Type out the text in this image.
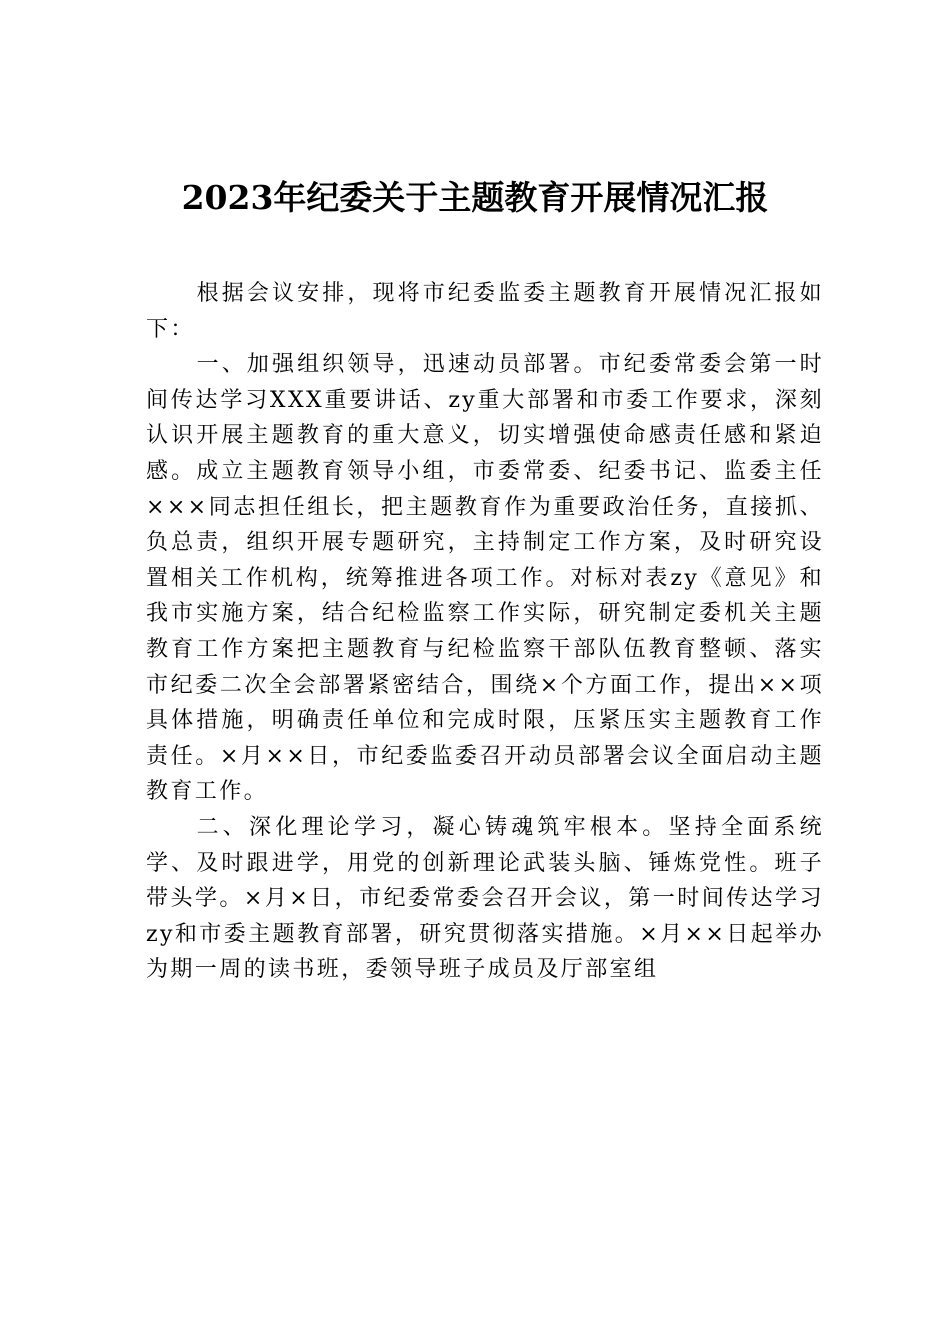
2023年纪委关于主题教育开展情况汇报

根据会议安排，现将市纪委监委主题教育开展情况汇报如下：

一、加强组织领导，迅速动员部署。市纪委常委会第一时间传达学习XXX重要讲话、zy重大部署和市委工作要求，深刻认识开展主题教育的重大意义，切实增强使命感责任感和紧迫感。成立主题教育领导小组，市委常委、纪委书记、监委主任×××同志担任组长，把主题教育作为重要政治任务，直接抓、负总责，组织开展专题研究，主持制定工作方案，及时研究设置相关工作机构，统筹推进各项工作。对标对表zy《意见》和我市实施方案，结合纪检监察工作实际，研究制定委机关主题教育工作方案把主题教育与纪检监察干部队伍教育整顿、落实市纪委二次全会部署紧密结合，围绕×个方面工作，提出××项具体措施，明确责任单位和完成时限，压紧压实主题教育工作责任。×月××日，市纪委监委召开动员部署会议全面启动主题教育工作。

二、深化理论学习，凝心铸魂筑牢根本。坚持全面系统学、及时跟进学，用党的创新理论武装头脑、锤炼党性。班子带头学。×月×日，市纪委常委会召开会议，第一时间传达学习zy和市委主题教育部署，研究贯彻落实措施。×月××日起举办为期一周的读书班，委领导班子成员及厅部室组
